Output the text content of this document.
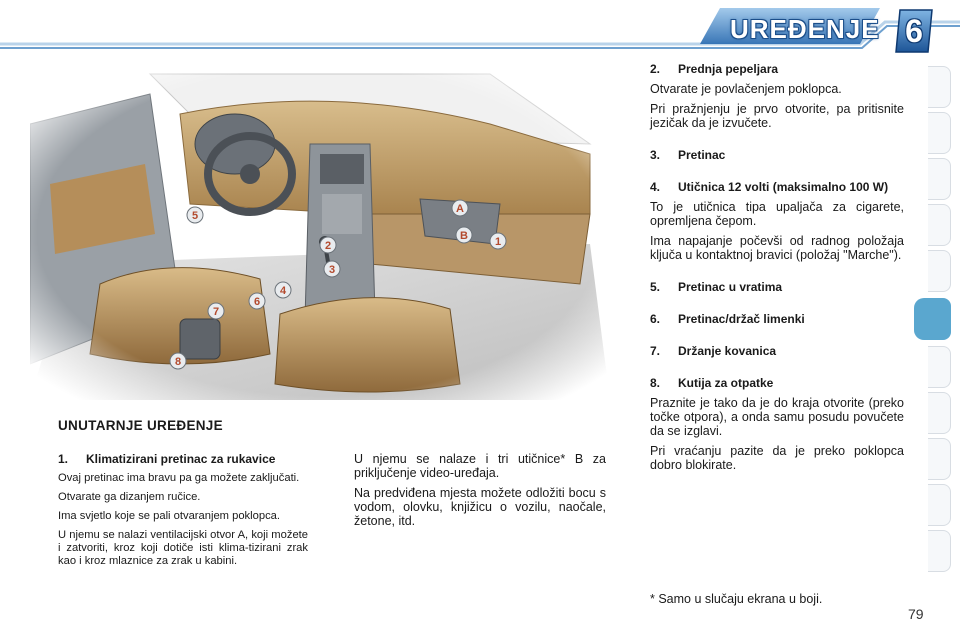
UREĐENJE 6
1
2
3
4
5
6
7
8
A
B
UNUTARNJE UREĐENJE
1.	Klimatizirani pretinac za rukavice

Ovaj pretinac ima bravu pa ga možete zaključati.

Otvarate ga dizanjem ručice.

Ima svjetlo koje se pali otvaranjem poklopca.

U njemu se nalazi ventilacijski otvor A, koji možete i zatvoriti, kroz koji dotiče isti klima-tizirani zrak kao i kroz mlaznice za zrak u kabini.

U njemu se nalaze i tri utičnice* B za priključenje video-uređaja.

Na predviđena mjesta možete odložiti bocu s vodom, olovku, knjižicu o vozilu, naočale, žetone, itd.

2.	Prednja pepeljara

Otvarate je povlačenjem poklopca.

Pri pražnjenju je prvo otvorite, pa pritisnite jezičak da je izvučete.

3.	Pretinac
4.	Utičnica 12 volti (maksimalno 100 W)

To je utičnica tipa upaljača za cigarete, opremljena čepom.

Ima napajanje počevši od radnog položaja ključa u kontaktnoj bravici (položaj "Marche").

5.	Pretinac u vratima
6.	Pretinac/držač limenki
7.	Držanje kovanica
8.	Kutija za otpatke

Praznite je tako da je do kraja otvorite (preko točke otpora), a onda samu posudu povučete da se izglavi.

Pri vraćanju pazite da je preko poklopca dobro blokirate.

* Samo u slučaju ekrana u boji.

79
